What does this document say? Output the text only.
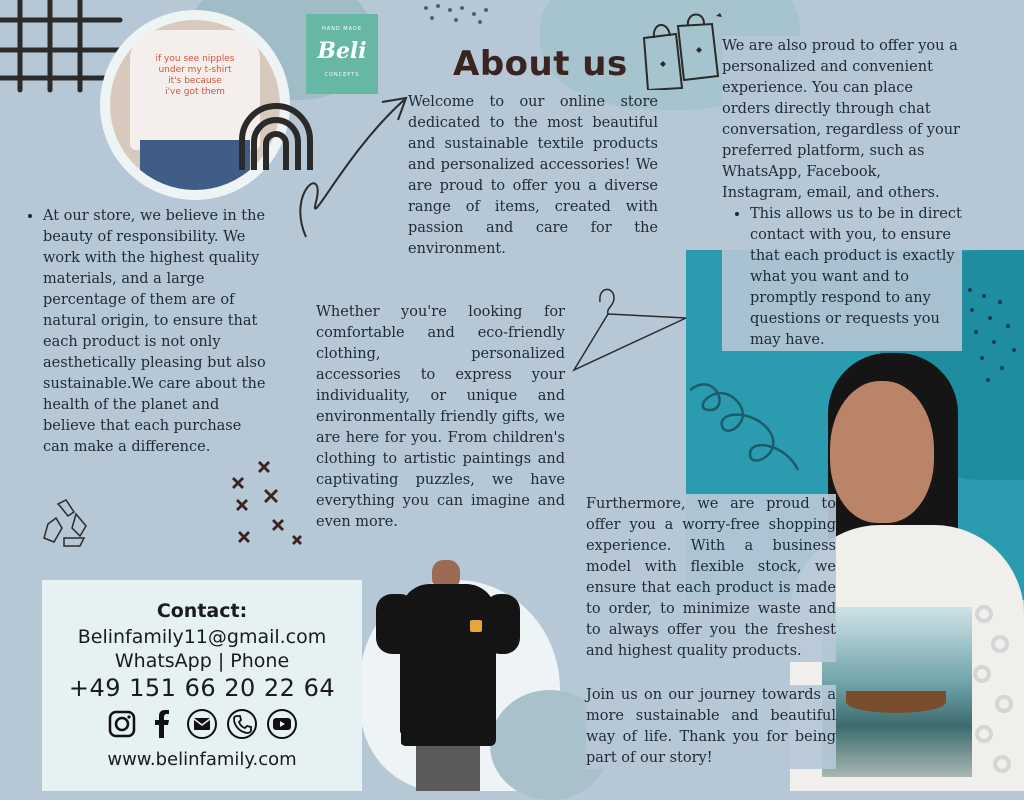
if you see nipples
under my t-shirt
it's because
i've got them
HAND MADE
Beli
CONCEPTS	About us
Welcome to our online store dedicated to the most beautiful and sustainable textile products and personalized accessories! We are proud to offer you a diverse range of items, created with passion and care for the environment.
• At our store, we believe in the beauty of responsibility. We work with the highest quality materials, and a large percentage of them are of natural origin, to ensure that each product is not only aesthetically pleasing but also sustainable.We care about the health of the planet and believe that each purchase can make a difference.
Whether you're looking for comfortable and eco-friendly clothing, personalized accessories to express your individuality, or unique and environmentally friendly gifts, we are here for you. From children's clothing to artistic paintings and captivating puzzles, we have everything you can imagine and even more.
We are also proud to offer you a personalized and convenient experience. You can place orders directly through chat conversation, regardless of your preferred platform, such as WhatsApp, Facebook, Instagram, email, and others.
• This allows us to be in direct contact with you, to ensure that each product is exactly what you want and to promptly respond to any questions or requests you may have.
Furthermore, we are proud to offer you a worry-free shopping experience. With a business model with flexible stock, we ensure that each product is made to order, to minimize waste and to always offer you the freshest and highest quality products.
Join us on our journey towards a more sustainable and beautiful way of life. Thank you for being part of our story!
Contact:
Belinfamily11@gmail.com
WhatsApp | Phone
+49 151 66 20 22 64
www.belinfamily.com
